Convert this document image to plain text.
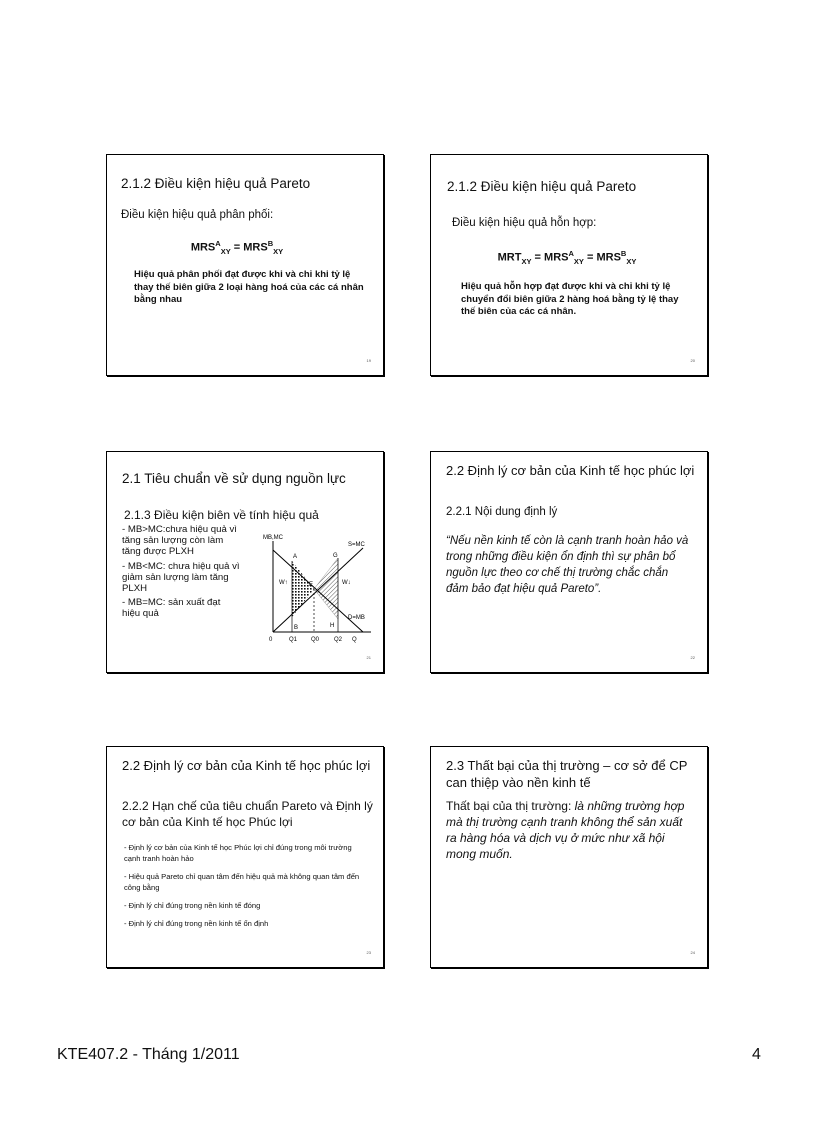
2.1.2 Điều kiện hiệu quả Pareto

Điều kiện hiệu quả phân phối:

$MRS^A_{XY} = MRS^B_{XY}$

Hiệu quả phân phối đạt được khi và chỉ khi tỷ lệ thay thế biên giữa 2 loại hàng hoá của các cá nhân bằng nhau

19

2.1.2 Điều kiện hiệu quả Pareto

Điều kiện hiệu quả hỗn hợp:

$MRT_{XY} = MRS^A_{XY} = MRS^B_{XY}$

Hiệu quả hỗn hợp đạt được khi và chỉ khi tỷ lệ chuyển đổi biên giữa 2 hàng hoá bằng tỷ lệ thay thế biên của các cá nhân.

20

2.1 Tiêu chuẩn về sử dụng nguồn lực

2.1.3 Điều kiện biên về tính hiệu quả

- MB>MC:chưa hiệu quả vì tăng sản lượng còn làm tăng được PLXH
- MB<MC: chưa hiệu quả vì giảm sản lượng làm tăng PLXH
- MB=MC: sản xuất đạt hiệu quả
MB,MC
S=MC
D=MB
A	G
E
B	H
W↑	W↓
0	Q1 Q0 Q2 Q
21

2.2 Định lý cơ bản của Kinh tế học phúc lợi

2.2.1 Nội dung định lý

“Nếu nền kinh tế còn là cạnh tranh hoàn hảo và trong những điều kiện ổn định thì sự phân bổ nguồn lực theo cơ chế thị trường chắc chắn đảm bảo đạt hiệu quả Pareto”.

22

2.2 Định lý cơ bản của Kinh tế học phúc lợi

2.2.2 Hạn chế của tiêu chuẩn Pareto và Định lý cơ bản của Kinh tế học Phúc lợi

- Định lý cơ bản của Kinh tế học Phúc lợi chỉ đúng trong môi trường cạnh tranh hoàn hảo
- Hiệu quả Pareto chỉ quan tâm đến hiệu quả mà không quan tâm đến công bằng
- Định lý chỉ đúng trong nền kinh tế đóng
- Định lý chỉ đúng trong nền kinh tế ổn định
23

2.3 Thất bại của thị trường – cơ sở để CP can thiệp vào nền kinh tế

Thất bại của thị trường: là những trường hợp mà thị trường cạnh tranh không thể sản xuất ra hàng hóa và dịch vụ ở mức như xã hội mong muốn.

24
KTE407.2 - Tháng 1/2011	4
